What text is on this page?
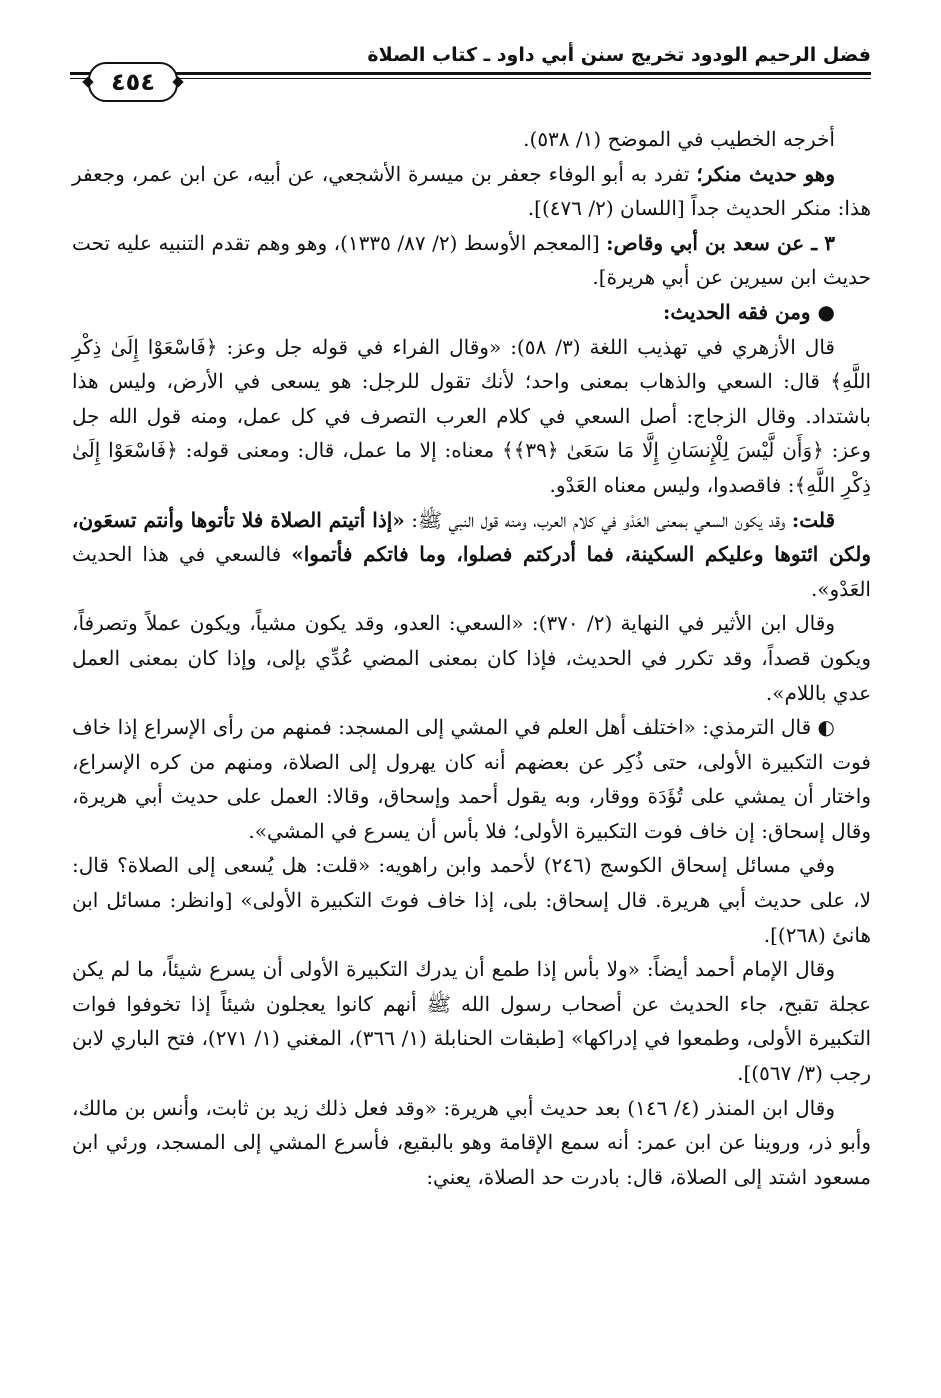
فضل الرحيم الودود تخريج سنن أبي داود ـ كتاب الصلاة
٤٥٤

أخرجه الخطيب في الموضح (١/ ٥٣٨).

وهو حديث منكر؛ تفرد به أبو الوفاء جعفر بن ميسرة الأشجعي، عن أبيه، عن ابن عمر، وجعفر هذا: منكر الحديث جداً [اللسان (٢/ ٤٧٦)].

٣ ـ عن سعد بن أبي وقاص: [المعجم الأوسط (٢/ ٨٧/ ١٣٣٥)، وهو وهم تقدم التنبيه عليه تحت حديث ابن سيرين عن أبي هريرة].

● ومن فقه الحديث:

قال الأزهري في تهذيب اللغة (٣/ ٥٨): «وقال الفراء في قوله جل وعز: ﴿فَاسْعَوْا إِلَىٰ ذِكْرِ اللَّهِ﴾ قال: السعي والذهاب بمعنى واحد؛ لأنك تقول للرجل: هو يسعى في الأرض، وليس هذا باشتداد. وقال الزجاج: أصل السعي في كلام العرب التصرف في كل عمل، ومنه قول الله جل وعز: ﴿وَأَن لَّيْسَ لِلْإِنسَانِ إِلَّا مَا سَعَىٰ ﴿٣٩﴾﴾ معناه: إلا ما عمل، قال: ومعنى قوله: ﴿فَاسْعَوْا إِلَىٰ ذِكْرِ اللَّهِ﴾: فاقصدوا، وليس معناه العَدْو.

قلت: وقد يكون السعي بمعنى العَدْو في كلام العرب، ومنه قول النبي ﷺ: «إذا أتيتم الصلاة فلا تأتوها وأنتم تسعَون، ولكن ائتوها وعليكم السكينة، فما أدركتم فصلوا، وما فاتكم فأتموا» فالسعي في هذا الحديث العَدْو».

وقال ابن الأثير في النهاية (٢/ ٣٧٠): «السعي: العدو، وقد يكون مشياً، ويكون عملاً وتصرفاً، ويكون قصداً، وقد تكرر في الحديث، فإذا كان بمعنى المضي عُدِّي بإلى، وإذا كان بمعنى العمل عدي باللام».

◐ قال الترمذي: «اختلف أهل العلم في المشي إلى المسجد: فمنهم من رأى الإسراع إذا خاف فوت التكبيرة الأولى، حتى ذُكِر عن بعضهم أنه كان يهرول إلى الصلاة، ومنهم من كره الإسراع، واختار أن يمشي على تُؤَدَة ووقار، وبه يقول أحمد وإسحاق، وقالا: العمل على حديث أبي هريرة، وقال إسحاق: إن خاف فوت التكبيرة الأولى؛ فلا بأس أن يسرع في المشي».

وفي مسائل إسحاق الكوسج (٢٤٦) لأحمد وابن راهويه: «قلت: هل يُسعى إلى الصلاة؟ قال: لا، على حديث أبي هريرة. قال إسحاق: بلى، إذا خاف فوتَ التكبيرة الأولى» [وانظر: مسائل ابن هانئ (٢٦٨)].

وقال الإمام أحمد أيضاً: «ولا بأس إذا طمع أن يدرك التكبيرة الأولى أن يسرع شيئاً، ما لم يكن عجلة تقبح، جاء الحديث عن أصحاب رسول الله ﷺ أنهم كانوا يعجلون شيئاً إذا تخوفوا فوات التكبيرة الأولى، وطمعوا في إدراكها» [طبقات الحنابلة (١/ ٣٦٦)، المغني (١/ ٢٧١)، فتح الباري لابن رجب (٣/ ٥٦٧)].

وقال ابن المنذر (٤/ ١٤٦) بعد حديث أبي هريرة: «وقد فعل ذلك زيد بن ثابت، وأنس بن مالك، وأبو ذر، وروينا عن ابن عمر: أنه سمع الإقامة وهو بالبقيع، فأسرع المشي إلى المسجد، ورئي ابن مسعود اشتد إلى الصلاة، قال: بادرت حد الصلاة، يعني:
